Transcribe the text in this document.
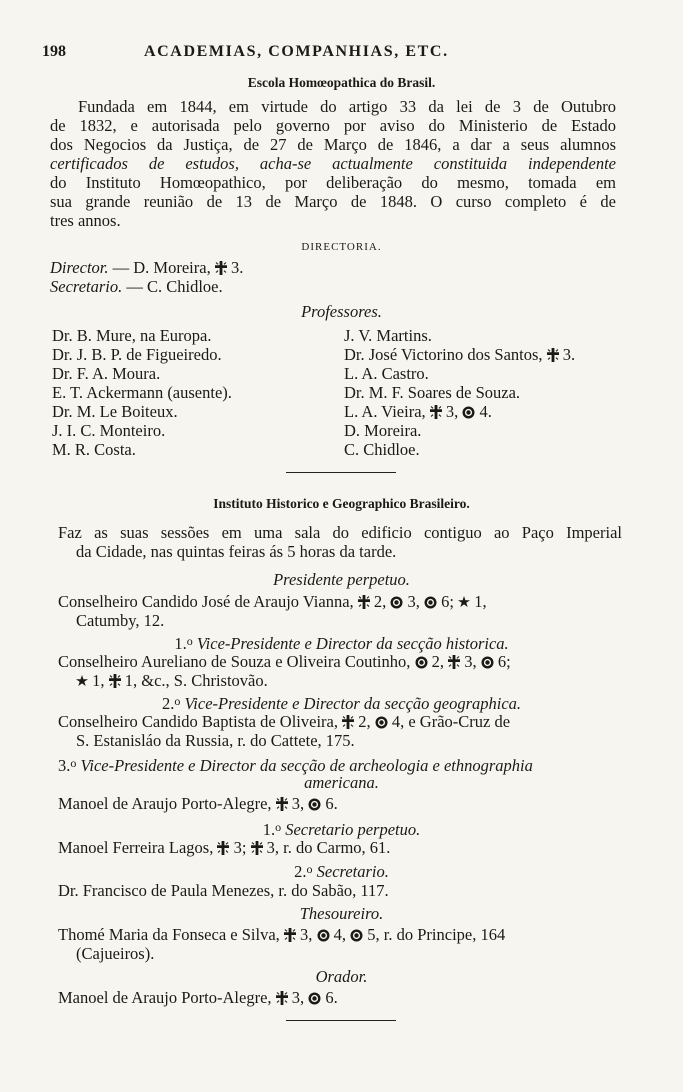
198	ACADEMIAS, COMPANHIAS, ETC.
Escola Homœopathica do Brasil.
Fundada em 1844, em virtude do artigo 33 da lei de 3 de Outubro
de 1832, e autorisada pelo governo por aviso do Ministerio de Estado
dos Negocios da Justiça, de 27 de Março de 1846, a dar a seus alumnos
certificados de estudos, acha-se actualmente constituida independente
do Instituto Homœopathico, por deliberação do mesmo, tomada em
sua grande reunião de 13 de Março de 1848. O curso completo é de
tres annos.
DIRECTORIA.
Director. — D. Moreira, 3.
Secretario. — C. Chidloe.
Professores.
Dr. B. Mure, na Europa.
Dr. J. B. P. de Figueiredo.
Dr. F. A. Moura.
E. T. Ackermann (ausente).
Dr. M. Le Boiteux.
J. I. C. Monteiro.
M. R. Costa.
J. V. Martins.
Dr. José Victorino dos Santos, 3.
L. A. Castro.
Dr. M. F. Soares de Souza.
L. A. Vieira, 3, 4.
D. Moreira.
C. Chidloe.
Instituto Historico e Geographico Brasileiro.
Faz as suas sessões em uma sala do edificio contiguo ao Paço Imperial
da Cidade, nas quintas feiras ás 5 horas da tarde.
Presidente perpetuo.
Conselheiro Candido José de Araujo Vianna, 2, 3, 6; 1,
Catumby, 12.
1.$^o$ Vice-Presidente e Director da secção historica.
Conselheiro Aureliano de Souza e Oliveira Coutinho, 2, 3, 6;
1, 1, &c., S. Christovão.
2.$^o$ Vice-Presidente e Director da secção geographica.
Conselheiro Candido Baptista de Oliveira, 2, 4, e Grão-Cruz de
S. Estanisláo da Russia, r. do Cattete, 175.
3.$^o$ Vice-Presidente e Director da secção de archeologia e ethnographia
americana.
Manoel de Araujo Porto-Alegre, 3, 6.
1.$^o$ Secretario perpetuo.
Manoel Ferreira Lagos, 3; 3, r. do Carmo, 61.
2.$^o$ Secretario.
Dr. Francisco de Paula Menezes, r. do Sabão, 117.
Thesoureiro.
Thomé Maria da Fonseca e Silva, 3, 4, 5, r. do Principe, 164
(Cajueiros).
Orador.
Manoel de Araujo Porto-Alegre, 3, 6.
